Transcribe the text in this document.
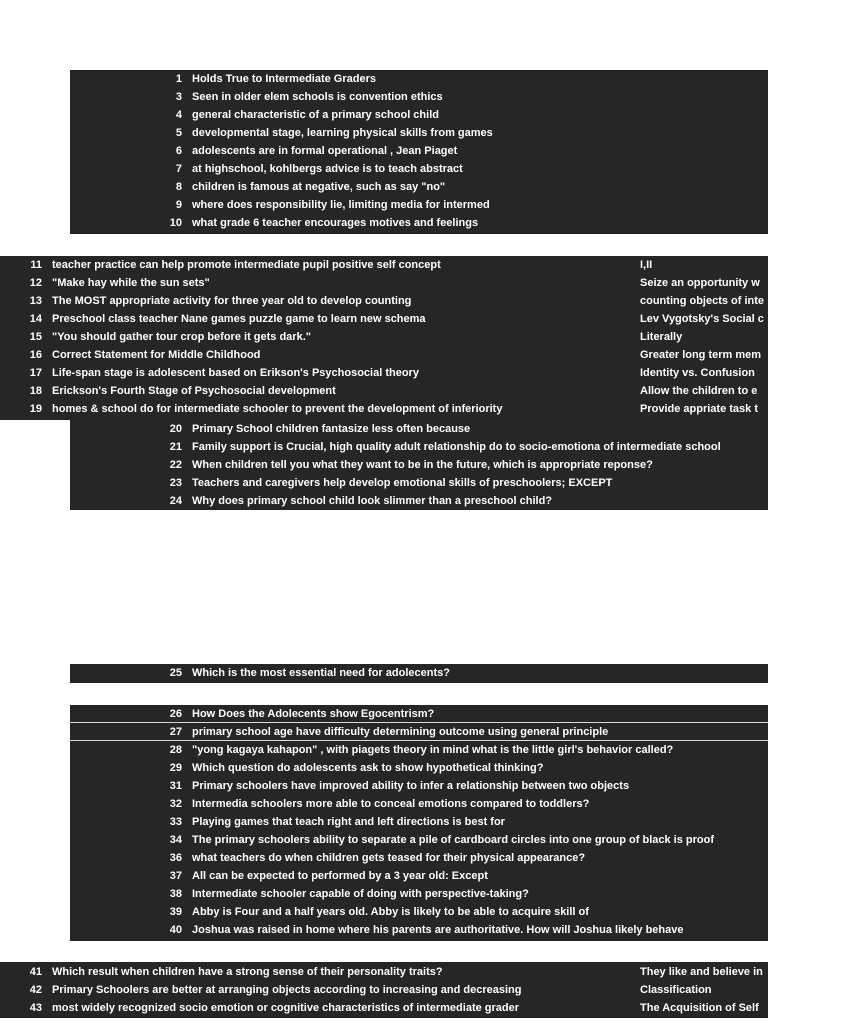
1 Holds True to Intermediate Graders	ave, girls a
3 Seen in older elem schools is convention ethics	conform to
4 general characteristic of a primary school child	Extremely
5 developmental stage, learning physical skills from games	middle chi
6 adolescents are in formal operational , Jean Piaget	I, II, III
7 at highschool, kohlbergs advice is to teach abstract	Post Conve
8 children is famous at negative, such as say "no"	2 years old
9 where does responsibility lie, limiting media for intermed	parents, te
10 what grade 6 teacher encourages motives and feelings	perspectiv
11 teacher practice can help promote intermediate pupil positive self concept	I,II
12 "Make hay while the sun sets"	Seize an opportunity w
13 The MOST appropriate activity for three year old to develop counting	counting objects of inte
14 Preschool class teacher Nane games puzzle game to learn new schema	Lev Vygotsky's Social c
15 "You should gather tour crop before it gets dark."	Literally
16 Correct Statement for Middle Childhood	Greater long term mem
17 Life-span stage is adolescent based on Erikson's Psychosocial theory	Identity vs. Confusion
18 Erickson's Fourth Stage of Psychosocial development	Allow the children to e
19 homes & school do for intermediate schooler to prevent the development of inferiority	Provide appriate task t
20 Primary School children fantasize less often because	They are n
21 Family support is Crucial, high quality adult relationship do to socio-emotiona of intermediate school	Allows chi
22 When children tell you what they want to be in the future, which is appropriate reponse?	"I'm so ha
23 Teachers and caregivers help develop emotional skills of preschoolers; EXCEPT	Modeling
24 Why does primary school child look slimmer than a preschool child?	The locatio
25 Which is the most essential need for adolecents?	I, II only
26 How Does the Adolecents show Egocentrism?	Tendency
27 primary school age have difficulty determining outcome using general principle	Deductive
28 "yong kagaya kahapon" , with piagets theory in mind what is the little girl's behavior called?	Pre-operat
29 Which question do adolescents ask to show hypothetical thinking?	What resu
31 Primary schoolers have improved ability to infer a relationship between two objects	Transitivity
32 Intermedia schoolers more able to conceal emotions compared to toddlers?	Yes
33 Playing games that teach right and left directions is best for	Five year o
34 The primary schoolers ability to separate a pile of cardboard circles into one group of black is proof	Seriation
36 what teachers do when children gets teased for their physical appearance?	Have a pri
37 All can be expected to performed by a 3 year old: Except	Pouring fr
38 Intermediate schooler capable of doing with perspective-taking?	Judging ot
39 Abby is Four and a half years old. Abby is likely to be able to acquire skill of	Copying a
40 Joshua was raised in home where his parents are authoritative. How will Joshua likely behave	Relates we
41 Which result when children have a strong sense of their personality traits?	They like and believe in
42 Primary Schoolers are better at arranging objects according to increasing and decreasing	Classification
43 most widely recognized socio emotion or cognitive characteristics of intermediate grader	The Acquisition of Self
